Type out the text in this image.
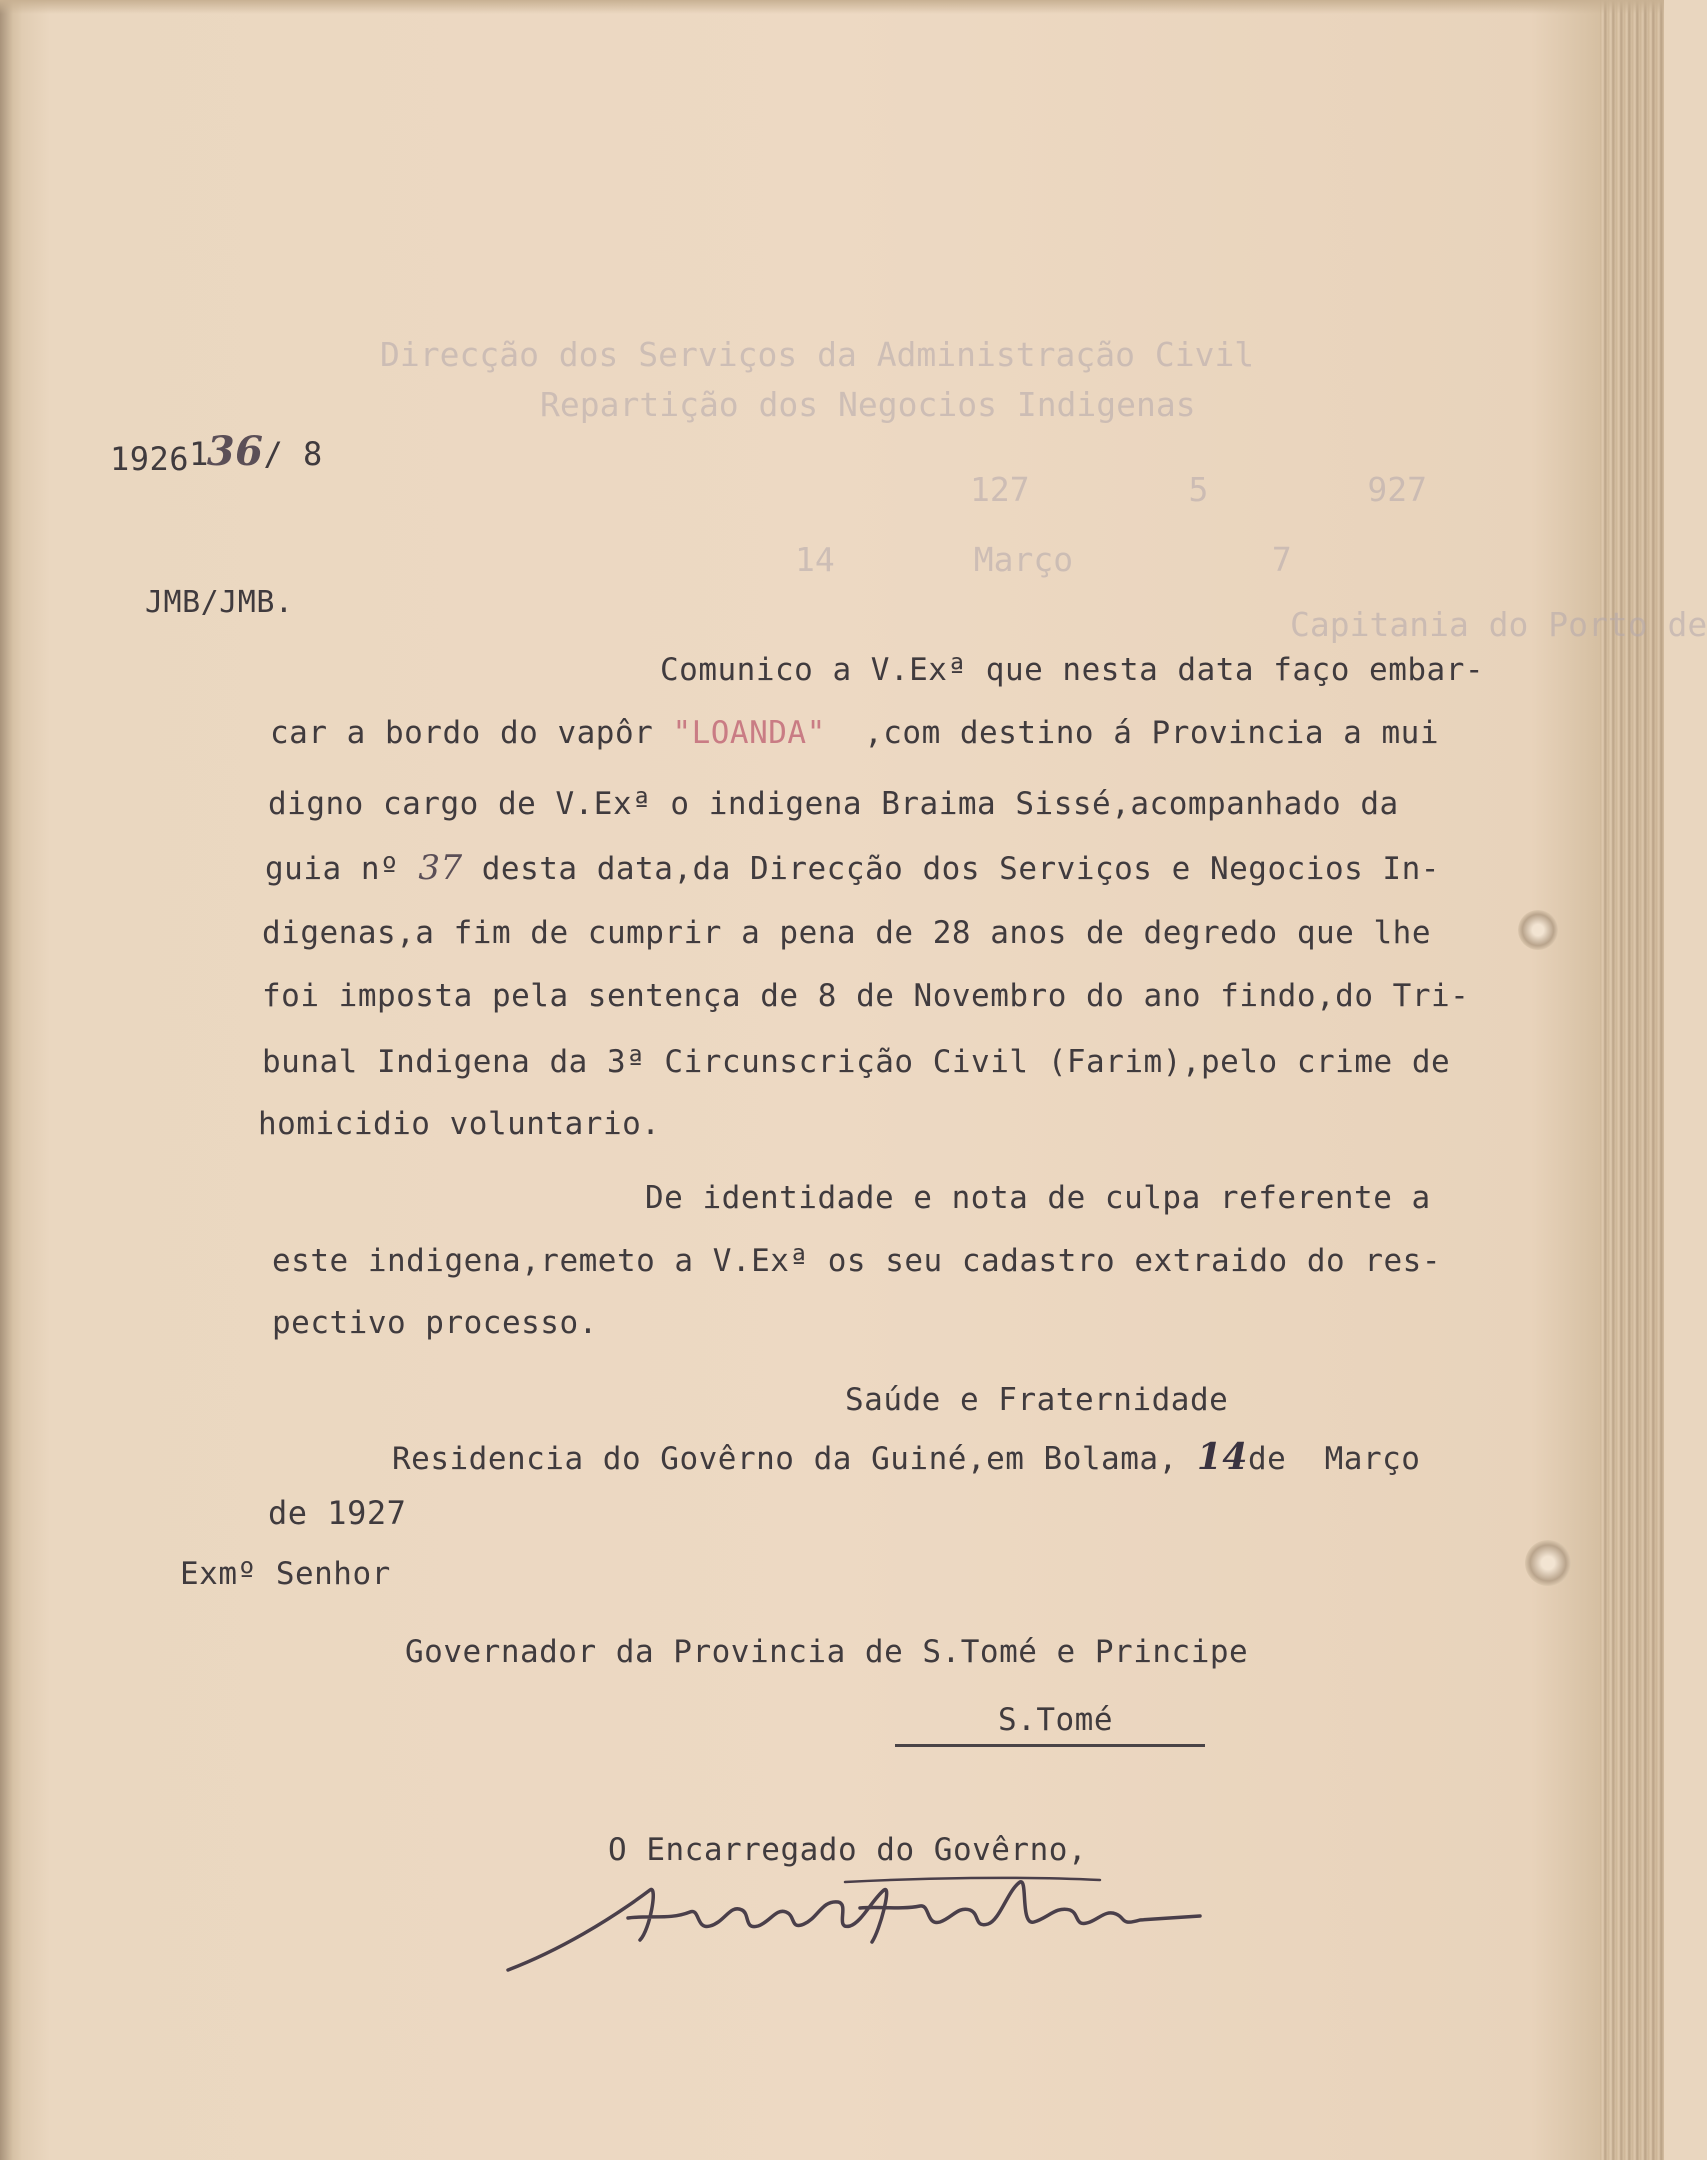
Direcção dos Serviços da Administração Civil
Repartição dos Negocios Indigenas
127        5        927
14       Março          7
Capitania do Porto de

136/ 8

1926
JMB/JMB.
Comunico a V.Exª que nesta data faço embar-
car a bordo do vapôr "LOANDA"  ,com destino á Provincia a mui
digno cargo de V.Exª o indigena Braima Sissé,acompanhado da
guia nº 37 desta data,da Direcção dos Serviços e Negocios In-
digenas,a fim de cumprir a pena de 28 anos de degredo que lhe
foi imposta pela sentença de 8 de Novembro do ano findo,do Tri-
bunal Indigena da 3ª Circunscrição Civil (Farim),pelo crime de
homicidio voluntario.
De identidade e nota de culpa referente a
este indigena,remeto a V.Exª os seu cadastro extraido do res-
pectivo processo.
Saúde e Fraternidade
Residencia do Govêrno da Guiné,em Bolama, 14de  Março
de 1927
Exmº Senhor
Governador da Provincia de S.Tomé e Principe
S.Tomé
O Encarregado do Govêrno,
